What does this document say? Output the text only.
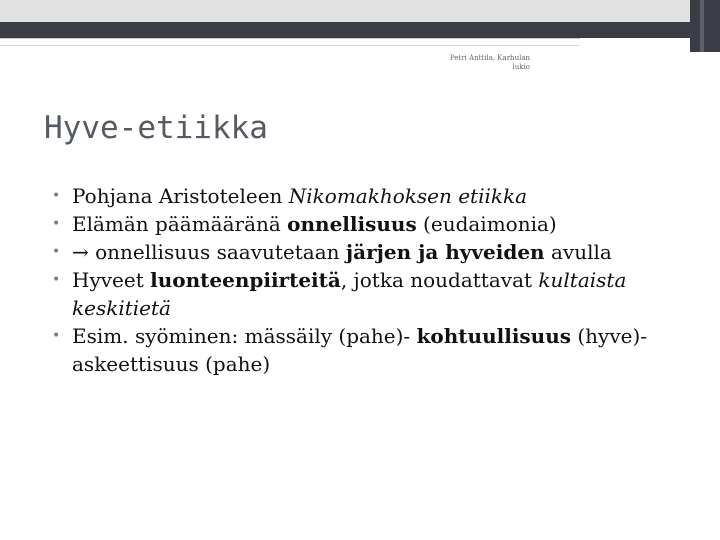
Petri Anttila, Karhulan
lukio
Hyve-etiikka
• Pohjana Aristoteleen Nikomakhoksen etiikka
• Elämän päämääränä onnellisuus (eudaimonia)
• → onnellisuus saavutetaan järjen ja hyveiden avulla
• Hyveet luonteenpiirteitä, jotka noudattavat kultaista keskitietä
• Esim. syöminen: mässäily (pahe)- kohtuullisuus (hyve)- askeettisuus (pahe)
